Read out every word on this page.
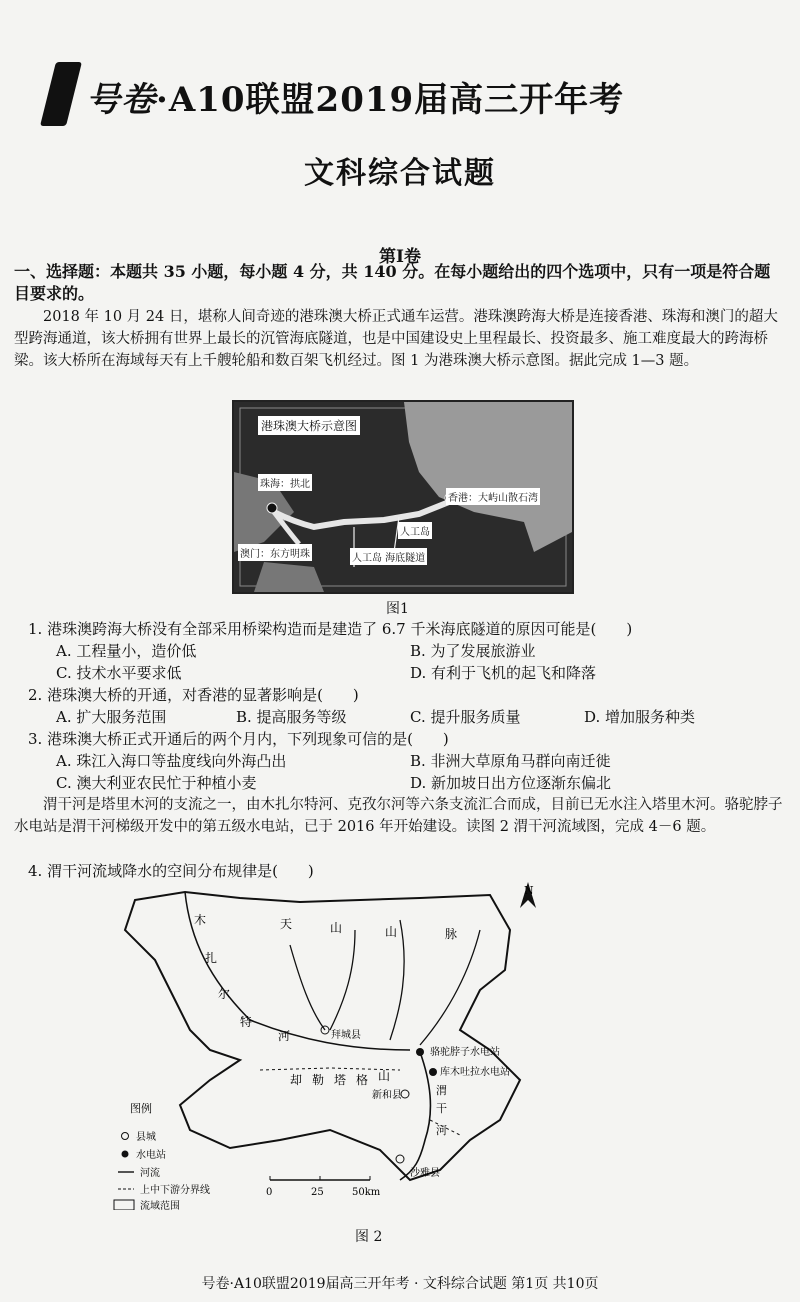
号卷·A10联盟2019届高三开年考
文科综合试题
第Ⅰ卷
一、选择题：本题共 35 小题，每小题 4 分，共 140 分。在每小题给出的四个选项中，只有一项是符合题目要求的。
2018 年 10 月 24 日，堪称人间奇迹的港珠澳大桥正式通车运营。港珠澳跨海大桥是连接香港、珠海和澳门的超大型跨海通道，该大桥拥有世界上最长的沉管海底隧道，也是中国建设史上里程最长、投资最多、施工难度最大的跨海桥梁。该大桥所在海域每天有上千艘轮船和数百架飞机经过。图 1 为港珠澳大桥示意图。据此完成 1—3 题。
港珠澳大桥示意图
珠海：拱北
香港：大屿山散石湾
人工岛
澳门：东方明珠	人工岛 海底隧道
图1
1. 港珠澳跨海大桥没有全部采用桥梁构造而是建造了 6.7 千米海底隧道的原因可能是(　　)
A. 工程量小，造价低	B. 为了发展旅游业
C. 技术水平要求低	D. 有利于飞机的起飞和降落
2. 港珠澳大桥的开通，对香港的显著影响是(　　)
A. 扩大服务范围	B. 提高服务等级	C. 提升服务质量	D. 增加服务种类
3. 港珠澳大桥正式开通后的两个月内，下列现象可信的是(　　)
A. 珠江入海口等盐度线向外海凸出	B. 非洲大草原角马群向南迁徙
C. 澳大利亚农民忙于种植小麦	D. 新加坡日出方位逐渐东偏北
渭干河是塔里木河的支流之一，由木扎尔特河、克孜尔河等六条支流汇合而成，目前已无水注入塔里木河。骆驼脖子水电站是渭干河梯级开发中的第五级水电站，已于 2016 年开始建设。读图 2 渭干河流域图，完成 4－6 题。
4. 渭干河流域降水的空间分布规律是(　　)
N
天	山	山	脉
木
扎
尔
特
河	拜城县
骆驼脖子水电站
库木吐拉水电站
却 勒 塔 格 山
新和县	渭
干
河
沙雅县
图例
县城
水电站
河流
上中下游分界线
流域范围
0	25	50km
图 2
号卷·A10联盟2019届高三开年考 · 文科综合试题 第1页 共10页
